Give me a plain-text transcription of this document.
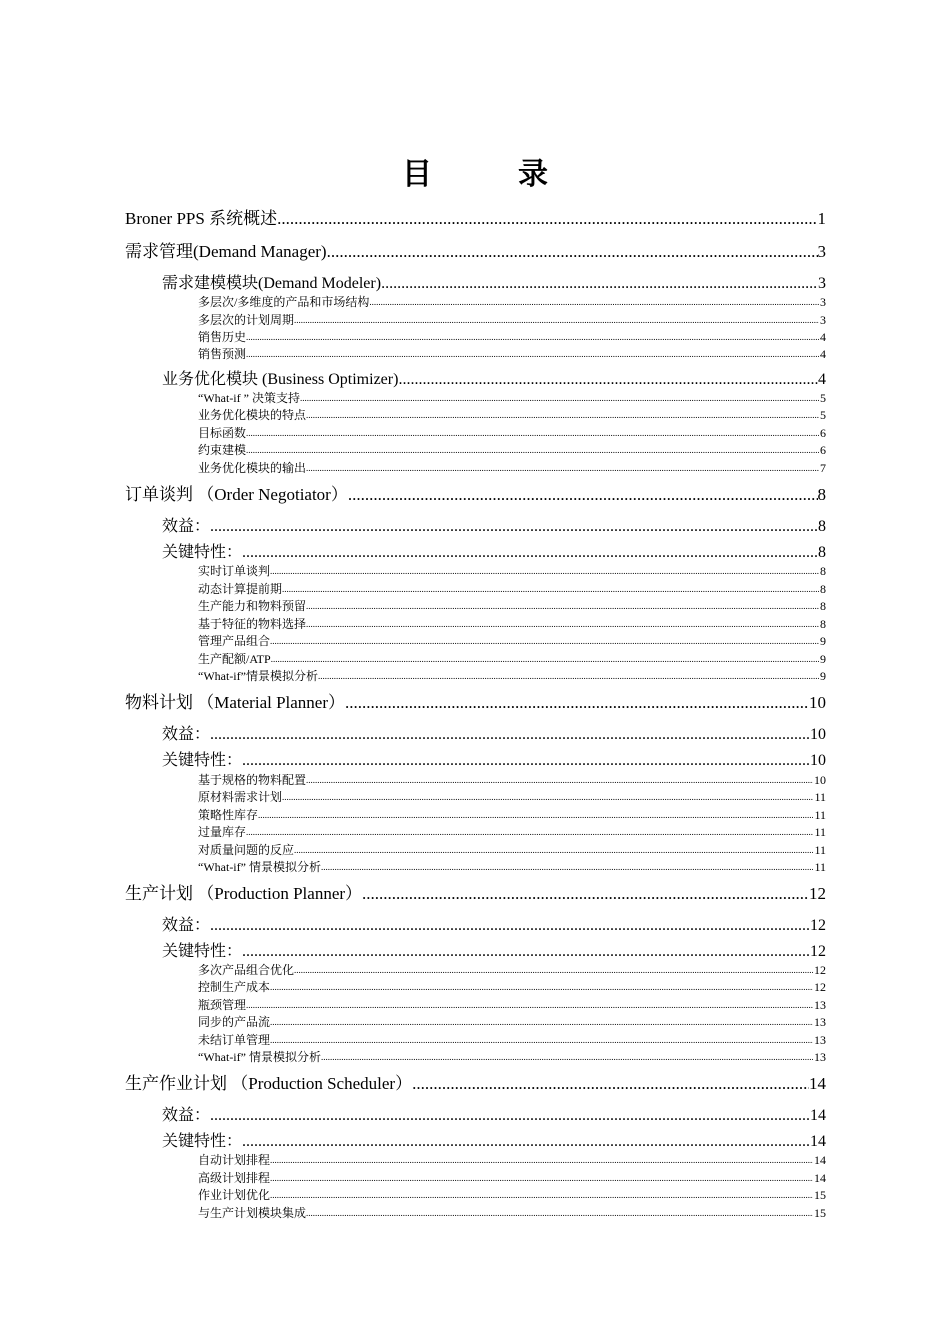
目　录
Broner PPS 系统概述 .....	1
需求管理(Demand Manager) .....	3
需求建模模块(Demand Modeler) .....	3
多层次/多维度的产品和市场结构 .....	3
多层次的计划周期 .....	3
销售历史 .....	4
销售预测 .....	4
业务优化模块 (Business Optimizer) .....	4
“What-if ” 决策支持 .....	5
业务优化模块的特点 .....	5
目标函数 .....	6
约束建模 .....	6
业务优化模块的输出 .....	7
订单谈判 （Order Negotiator） .....	8
效益： .....	8
关键特性： .....	8
实时订单谈判 .....	8
动态计算提前期 .....	8
生产能力和物料预留 .....	8
基于特征的物料选择 .....	8
管理产品组合 .....	9
生产配额/ATP .....	9
“What-if”情景模拟分析 .....	9
物料计划 （Material Planner） .....	10
效益： .....	10
关键特性： .....	10
基于规格的物料配置 .....	10
原材料需求计划 .....	11
策略性库存 .....	11
过量库存 .....	11
对质量问题的反应 .....	11
“What-if” 情景模拟分析 .....	11
生产计划 （Production Planner） .....	12
效益： .....	12
关键特性： .....	12
多次产品组合优化 .....	12
控制生产成本 .....	12
瓶颈管理 .....	13
同步的产品流 .....	13
未结订单管理 .....	13
“What-if” 情景模拟分析 .....	13
生产作业计划 （Production Scheduler） .....	14
效益： .....	14
关键特性： .....	14
自动计划排程 .....	14
高级计划排程 .....	14
作业计划优化 .....	15
与生产计划模块集成 .....	15
